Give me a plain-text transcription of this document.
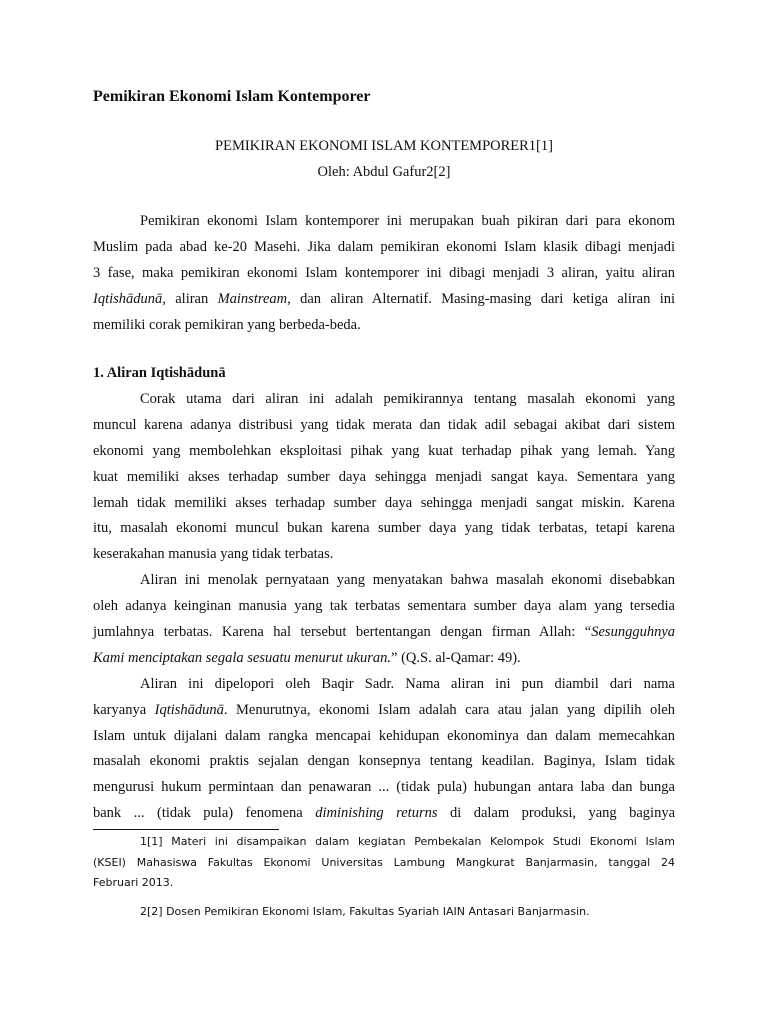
Pemikiran Ekonomi Islam Kontemporer
PEMIKIRAN EKONOMI ISLAM KONTEMPORER1[1]
Oleh: Abdul Gafur2[2]
Pemikiran ekonomi Islam kontemporer ini merupakan buah pikiran dari para ekonom
Muslim pada abad ke-20 Masehi. Jika dalam pemikiran ekonomi Islam klasik dibagi menjadi
3 fase, maka pemikiran ekonomi Islam kontemporer ini dibagi menjadi 3 aliran, yaitu aliran
Iqtishādunā, aliran Mainstream, dan aliran Alternatif. Masing-masing dari ketiga aliran ini
memiliki corak pemikiran yang berbeda-beda.
1. Aliran Iqtishādunā
Corak utama dari aliran ini adalah pemikirannya tentang masalah ekonomi yang
muncul karena adanya distribusi yang tidak merata dan tidak adil sebagai akibat dari sistem
ekonomi yang membolehkan eksploitasi pihak yang kuat terhadap pihak yang lemah. Yang
kuat memiliki akses terhadap sumber daya sehingga menjadi sangat kaya. Sementara yang
lemah tidak memiliki akses terhadap sumber daya sehingga menjadi sangat miskin. Karena
itu, masalah ekonomi muncul bukan karena sumber daya yang tidak terbatas, tetapi karena
keserakahan manusia yang tidak terbatas.
Aliran ini menolak pernyataan yang menyatakan bahwa masalah ekonomi disebabkan
oleh adanya keinginan manusia yang tak terbatas sementara sumber daya alam yang tersedia
jumlahnya terbatas. Karena hal tersebut bertentangan dengan firman Allah: “Sesungguhnya
Kami menciptakan segala sesuatu menurut ukuran.” (Q.S. al-Qamar: 49).
Aliran ini dipelopori oleh Baqir Sadr. Nama aliran ini pun diambil dari nama
karyanya Iqtishādunā. Menurutnya, ekonomi Islam adalah cara atau jalan yang dipilih oleh
Islam untuk dijalani dalam rangka mencapai kehidupan ekonominya dan dalam memecahkan
masalah ekonomi praktis sejalan dengan konsepnya tentang keadilan. Baginya, Islam tidak
mengurusi hukum permintaan dan penawaran ... (tidak pula) hubungan antara laba dan bunga
bank ... (tidak pula) fenomena diminishing returns di dalam produksi, yang baginya
1[1] Materi ini disampaikan dalam kegiatan Pembekalan Kelompok Studi Ekonomi Islam
(KSEI) Mahasiswa Fakultas Ekonomi Universitas Lambung Mangkurat Banjarmasin, tanggal 24
Februari 2013.
2[2] Dosen Pemikiran Ekonomi Islam, Fakultas Syariah IAIN Antasari Banjarmasin.
